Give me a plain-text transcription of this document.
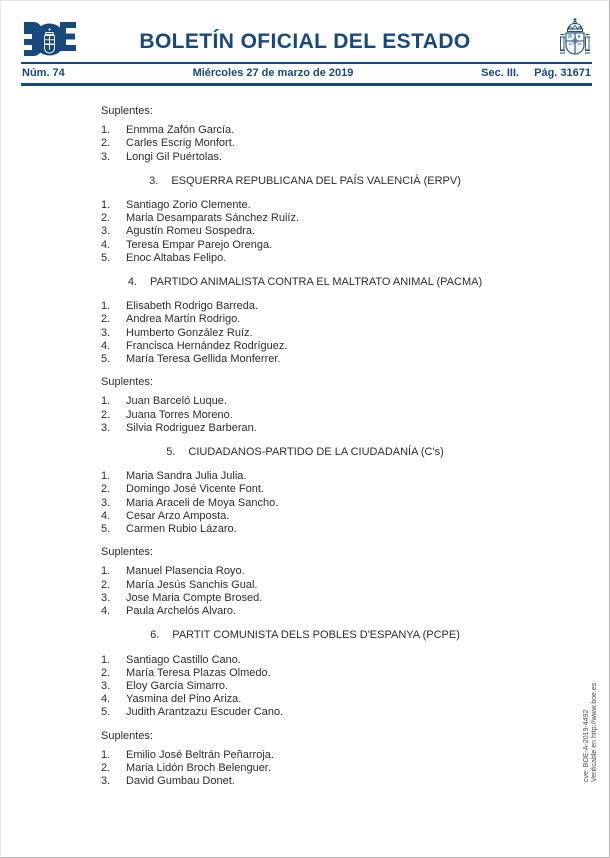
BOLETÍN OFICIAL DEL ESTADO
Núm. 74	Miércoles 27 de marzo de 2019	Sec. III. Pág. 31671
Suplentes:
1.	Enmma Zafón García.
2.	Carles Escrig Monfort.
3.	Longi Gil Puértolas.
3. ESQUERRA REPUBLICANA DEL PAÍS VALENCIÀ (ERPV)
1.	Santiago Zorio Clemente.
2.	Maria Desamparats Sánchez Ruiíz.
3.	Agustín Romeu Sospedra.
4.	Teresa Empar Parejo Orenga.
5.	Enoc Altabas Felipo.
4. PARTIDO ANIMALISTA CONTRA EL MALTRATO ANIMAL (PACMA)
1.	Elisabeth Rodrigo Barreda.
2.	Andrea Martín Rodrigo.
3.	Humberto González Ruíz.
4.	Francisca Hernández Rodríguez.
5.	María Teresa Gellida Monferrer.
Suplentes:
1.	Juan Barceló Luque.
2.	Juana Torres Moreno.
3.	Silvia Rodriguez Barberan.
5. CIUDADANOS-PARTIDO DE LA CIUDADANÍA (C's)
1.	Maria Sandra Julia Julia.
2.	Domingo José Vicente Font.
3.	Maria Araceli de Moya Sancho.
4.	Cesar Arzo Amposta.
5.	Carmen Rubio Lázaro.
Suplentes:
1.	Manuel Plasencia Royo.
2.	María Jesús Sanchis Gual.
3.	Jose Maria Compte Brosed.
4.	Paula Archelós Alvaro.
6. PARTIT COMUNISTA DELS POBLES D'ESPANYA (PCPE)
1.	Santiago Castillo Cano.
2.	María Teresa Plazas Olmedo.
3.	Eloy García Simarro.
4.	Yasmina del Pino Ariza.
5.	Judith Arantzazu Escuder Cano.
Suplentes:
1.	Emilio José Beltrán Peñarroja.
2.	Maria Lidón Broch Belenguer.
3.	David Gumbau Donet.	cve: BOE-A-2019-4492 Verificable en http://www.boe.es
